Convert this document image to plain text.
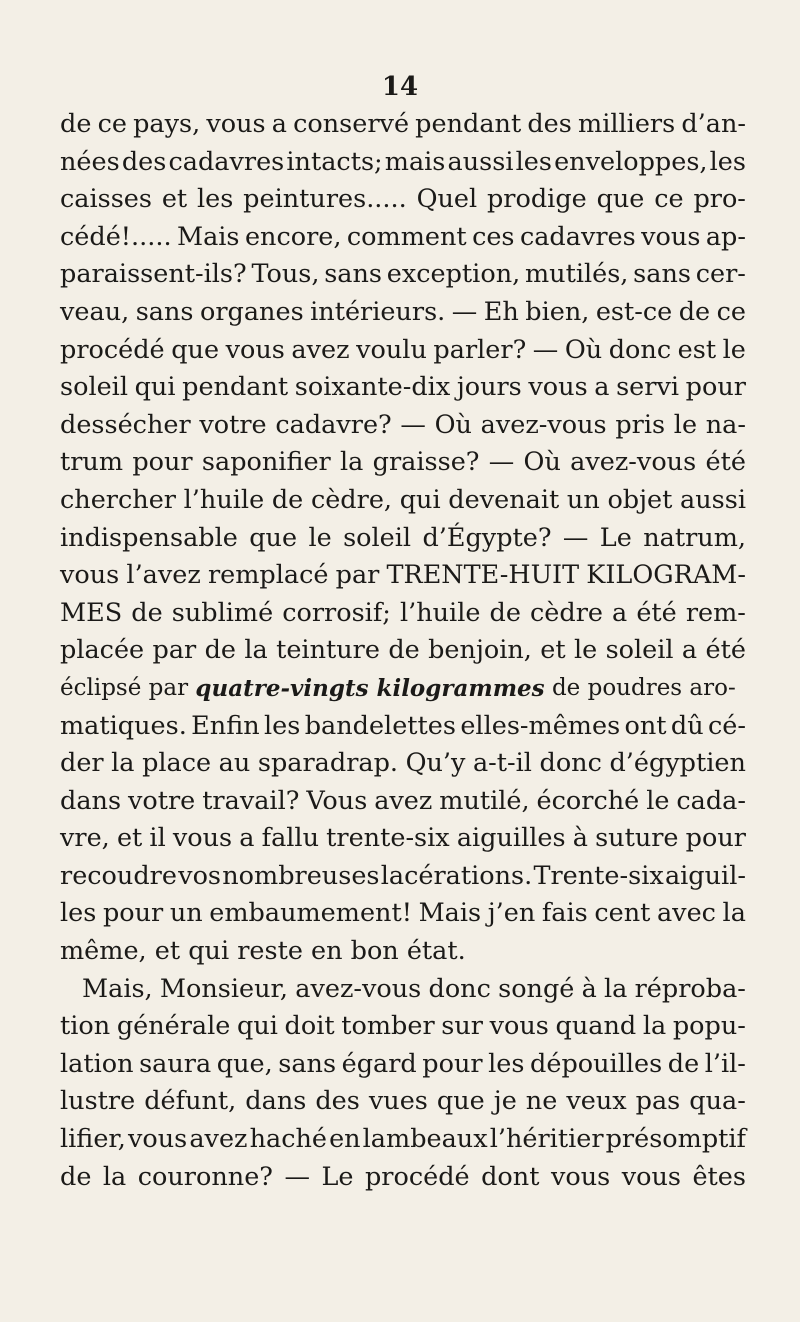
14
de ce pays, vous a conservé pendant des milliers d’an-
nées des cadavres intacts; mais aussi les enveloppes, les
caisses et les peintures..... Quel prodige que ce pro-
cédé!..... Mais encore, comment ces cadavres vous ap-
paraissent-ils? Tous, sans exception, mutilés, sans cer-
veau, sans organes intérieurs. — Eh bien, est-ce de ce
procédé que vous avez voulu parler? — Où donc est le
soleil qui pendant soixante-dix jours vous a servi pour
dessécher votre cadavre? — Où avez-vous pris le na-
trum pour saponifier la graisse? — Où avez-vous été
chercher l’huile de cèdre, qui devenait un objet aussi
indispensable que le soleil d’Égypte? — Le natrum,
vous l’avez remplacé par TRENTE-HUIT KILOGRAM-
MES de sublimé corrosif; l’huile de cèdre a été rem-
placée par de la teinture de benjoin, et le soleil a été
éclipsé par quatre-vingts kilogrammes de poudres aro-
matiques. Enfin les bandelettes elles-mêmes ont dû cé-
der la place au sparadrap. Qu’y a-t-il donc d’égyptien
dans votre travail? Vous avez mutilé, écorché le cada-
vre, et il vous a fallu trente-six aiguilles à suture pour
recoudre vos nombreuses lacérations. Trente-six aiguil-
les pour un embaumement! Mais j’en fais cent avec la
même, et qui reste en bon état.
Mais, Monsieur, avez-vous donc songé à la réproba-
tion générale qui doit tomber sur vous quand la popu-
lation saura que, sans égard pour les dépouilles de l’il-
lustre défunt, dans des vues que je ne veux pas qua-
lifier, vous avez haché en lambeaux l’héritier présomptif
de la couronne? — Le procédé dont vous vous êtes
